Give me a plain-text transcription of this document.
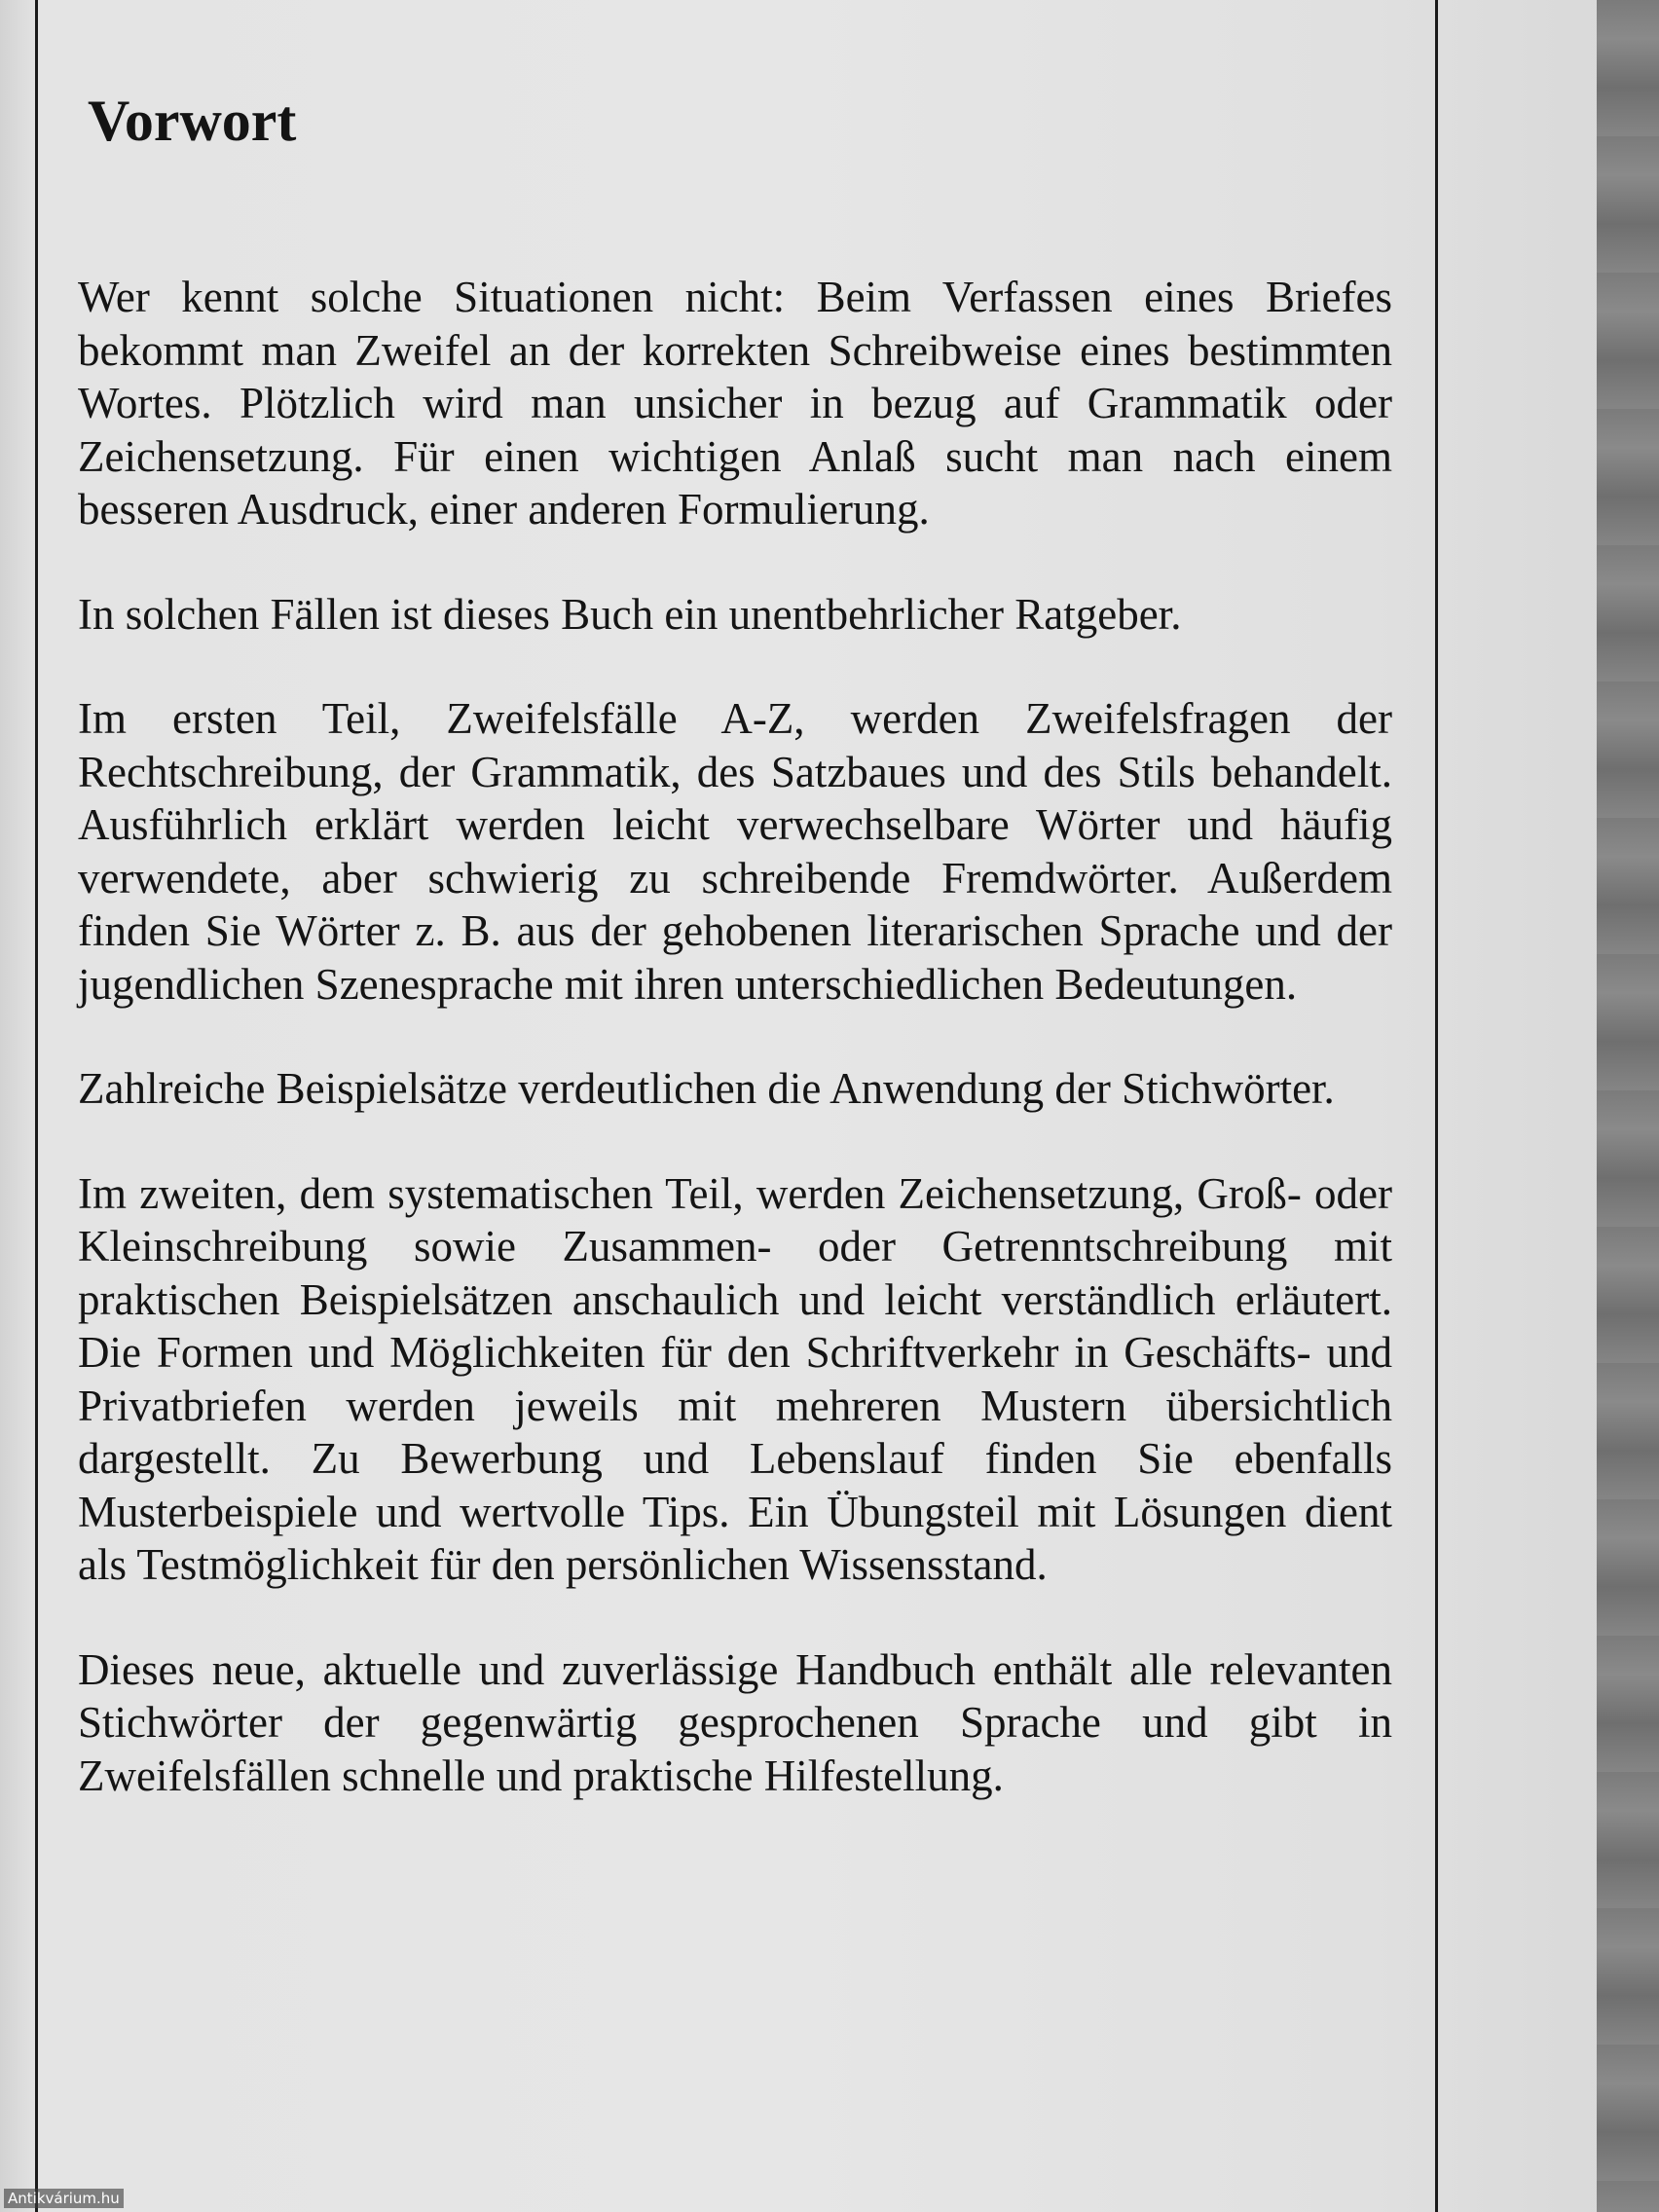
Vorwort

Wer kennt solche Situationen nicht: Beim Verfassen eines Briefes bekommt man Zweifel an der korrekten Schreibweise eines bestimmten Wortes. Plötzlich wird man unsicher in bezug auf Grammatik oder Zeichensetzung. Für einen wichtigen Anlaß sucht man nach einem besseren Ausdruck, einer anderen Formulierung.

In solchen Fällen ist dieses Buch ein unentbehrlicher Ratgeber.

Im ersten Teil, Zweifelsfälle A-Z, werden Zweifelsfragen der Rechtschreibung, der Grammatik, des Satzbaues und des Stils behandelt. Ausführlich erklärt werden leicht verwechselbare Wörter und häufig verwendete, aber schwierig zu schreibende Fremdwörter. Außerdem finden Sie Wörter z. B. aus der gehobenen literarischen Sprache und der jugendlichen Szenesprache mit ihren unterschiedlichen Bedeutungen.

Zahlreiche Beispielsätze verdeutlichen die Anwendung der Stichwörter.

Im zweiten, dem systematischen Teil, werden Zeichensetzung, Groß- oder Kleinschreibung sowie Zusammen- oder Getrenntschreibung mit praktischen Beispielsätzen anschaulich und leicht verständlich erläutert. Die Formen und Möglichkeiten für den Schriftverkehr in Geschäfts- und Privatbriefen werden jeweils mit mehreren Mustern übersichtlich dargestellt. Zu Bewerbung und Lebenslauf finden Sie ebenfalls Musterbeispiele und wertvolle Tips. Ein Übungsteil mit Lösungen dient als Testmöglichkeit für den persönlichen Wissensstand.

Dieses neue, aktuelle und zuverlässige Handbuch enthält alle relevanten Stichwörter der gegenwärtig gesprochenen Sprache und gibt in Zweifelsfällen schnelle und praktische Hilfestellung.

Antikvárium.hu
